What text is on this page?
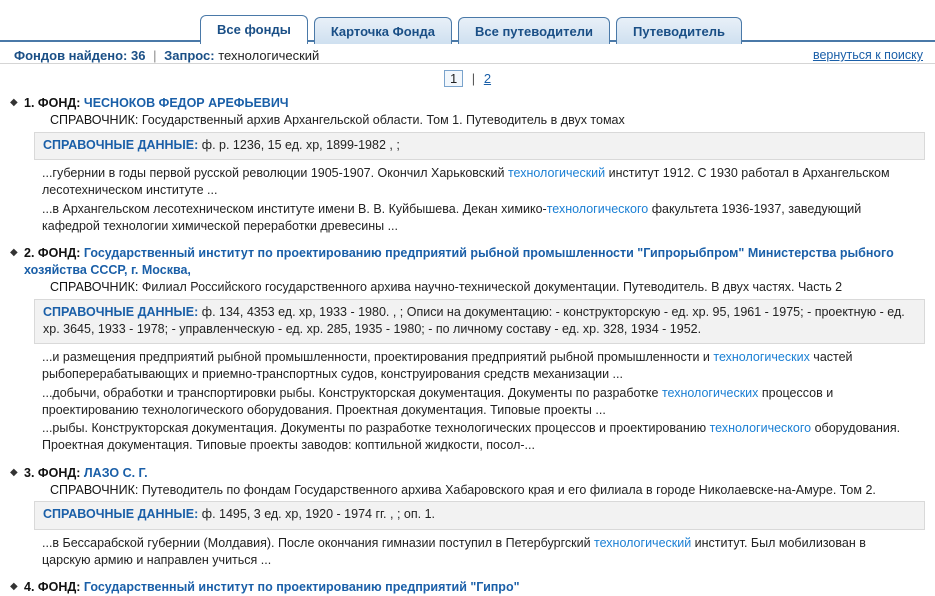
Все фонды	Карточка Фонда	Все путеводители	Путеводитель
Фондов найдено: 36 | Запрос: технологический	вернуться к поиску
1 | 2
◆ 1. ФОНД: ЧЕСНОКОВ ФЕДОР АРЕФЬЕВИЧ
СПРАВОЧНИК: Государственный архив Архангельской области. Том 1. Путеводитель в двух томах
СПРАВОЧНЫЕ ДАННЫЕ: ф. р. 1236, 15 ед. хр, 1899-1982 , ;

...губернии в годы первой русской революции 1905-1907. Окончил Харьковский технологический институт 1912. С 1930 работал в Архангельском лесотехническом институте ...

...в Архангельском лесотехническом институте имени В. В. Куйбышева. Декан химико-технологического факультета 1936-1937, заведующий кафедрой технологии химической переработки древесины ...

◆ 2. ФОНД: Государственный институт по проектированию предприятий рыбной промышленности "Гипрорыбпром" Министерства рыбного хозяйства СССР, г. Москва,
СПРАВОЧНИК: Филиал Российского государственного архива научно-технической документации. Путеводитель. В двух частях. Часть 2
СПРАВОЧНЫЕ ДАННЫЕ: ф. 134, 4353 ед. хр, 1933 - 1980. , ; Описи на документацию: - конструкторскую - ед. хр. 95, 1961 - 1975; - проектную - ед. хр. 3645, 1933 - 1978; - управленческую - ед. хр. 285, 1935 - 1980; - по личному составу - ед. хр. 328, 1934 - 1952.

...и размещения предприятий рыбной промышленности, проектирования предприятий рыбной промышленности и технологических частей рыбоперерабатывающих и приемно-транспортных судов, конструирования средств механизации ...

...добычи, обработки и транспортировки рыбы. Конструкторская документация. Документы по разработке технологических процессов и проектированию технологического оборудования. Проектная документация. Типовые проекты ...

...рыбы. Конструкторская документация. Документы по разработке технологических процессов и проектированию технологического оборудования. Проектная документация. Типовые проекты заводов: коптильной жидкости, посол-...

◆ 3. ФОНД: ЛАЗО С. Г.
СПРАВОЧНИК: Путеводитель по фондам Государственного архива Хабаровского края и его филиала в городе Николаевске-на-Амуре. Том 2.
СПРАВОЧНЫЕ ДАННЫЕ: ф. 1495, 3 ед. хр, 1920 - 1974 гг. , ; оп. 1.

...в Бессарабской губернии (Молдавия). После окончания гимназии поступил в Петербургский технологический институт. Был мобилизован в царскую армию и направлен учиться ...

◆ 4. ФОНД: Государственный институт по проектированию предприятий "Гипро"
